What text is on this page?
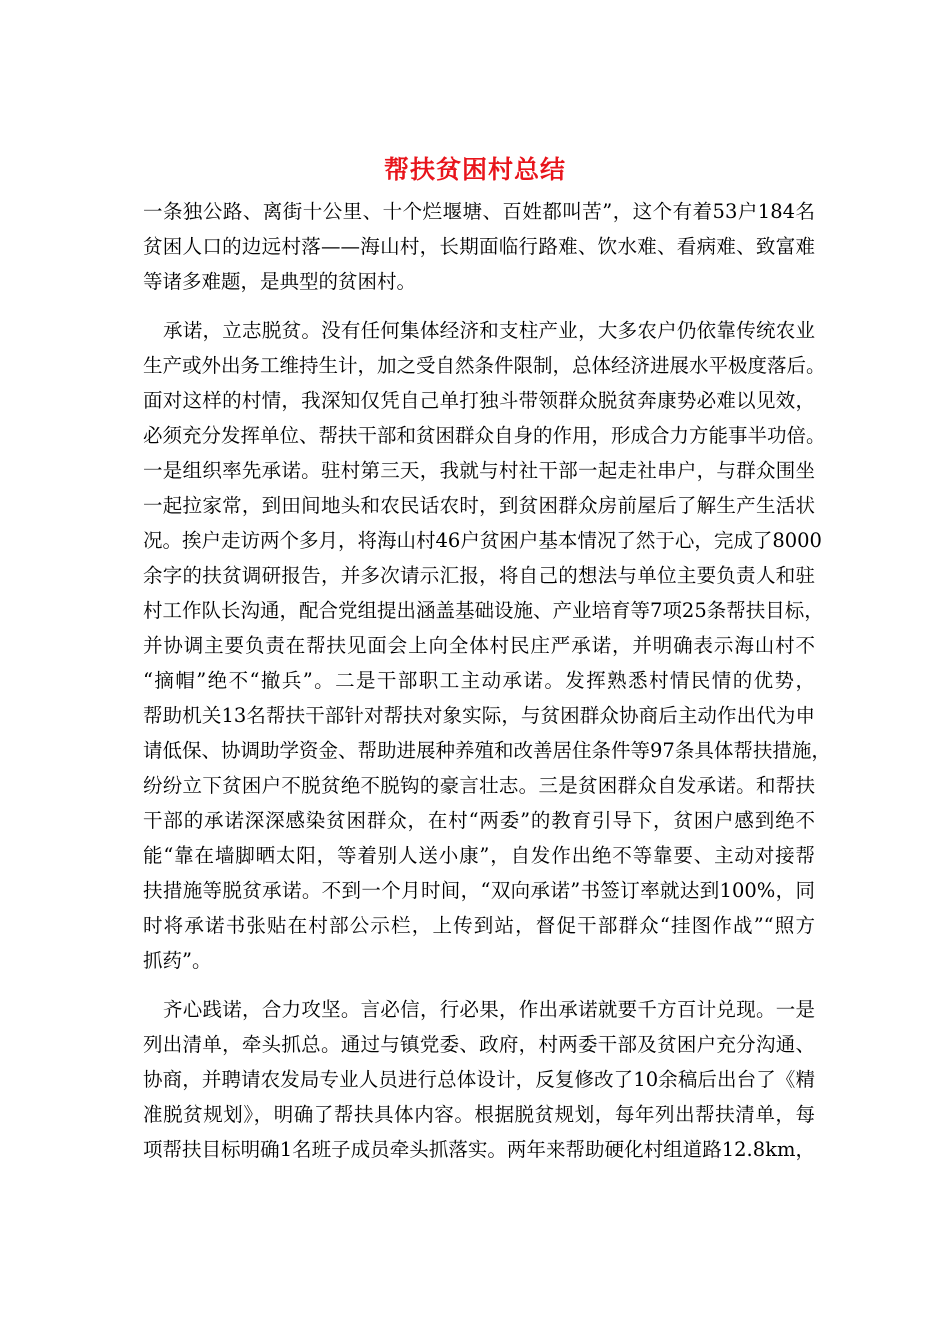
帮扶贫困村总结
一条独公路、离街十公里、十个烂堰塘、百姓都叫苦”，这个有着53户184名
贫困人口的边远村落——海山村，长期面临行路难、饮水难、看病难、致富难
等诸多难题，是典型的贫困村。
承诺，立志脱贫。没有任何集体经济和支柱产业，大多农户仍依靠传统农业
生产或外出务工维持生计，加之受自然条件限制，总体经济进展水平极度落后。
面对这样的村情，我深知仅凭自己单打独斗带领群众脱贫奔康势必难以见效，
必须充分发挥单位、帮扶干部和贫困群众自身的作用，形成合力方能事半功倍。
一是组织率先承诺。驻村第三天，我就与村社干部一起走社串户，与群众围坐
一起拉家常，到田间地头和农民话农时，到贫困群众房前屋后了解生产生活状
况。挨户走访两个多月，将海山村46户贫困户基本情况了然于心，完成了8000
余字的扶贫调研报告，并多次请示汇报，将自己的想法与单位主要负责人和驻
村工作队长沟通，配合党组提出涵盖基础设施、产业培育等7项25条帮扶目标，
并协调主要负责在帮扶见面会上向全体村民庄严承诺，并明确表示海山村不
“摘帽”绝不“撤兵”。二是干部职工主动承诺。发挥熟悉村情民情的优势，
帮助机关13名帮扶干部针对帮扶对象实际，与贫困群众协商后主动作出代为申
请低保、协调助学资金、帮助进展种养殖和改善居住条件等97条具体帮扶措施，
纷纷立下贫困户不脱贫绝不脱钩的豪言壮志。三是贫困群众自发承诺。和帮扶
干部的承诺深深感染贫困群众，在村“两委”的教育引导下，贫困户感到绝不
能“靠在墙脚晒太阳，等着别人送小康”，自发作出绝不等靠要、主动对接帮
扶措施等脱贫承诺。不到一个月时间，“双向承诺”书签订率就达到100%，同
时将承诺书张贴在村部公示栏，上传到站，督促干部群众“挂图作战”“照方
抓药”。
齐心践诺，合力攻坚。言必信，行必果，作出承诺就要千方百计兑现。一是
列出清单，牵头抓总。通过与镇党委、政府，村两委干部及贫困户充分沟通、
协商，并聘请农发局专业人员进行总体设计，反复修改了10余稿后出台了《精
准脱贫规划》，明确了帮扶具体内容。根据脱贫规划，每年列出帮扶清单，每
项帮扶目标明确1名班子成员牵头抓落实。两年来帮助硬化村组道路12.8km，
